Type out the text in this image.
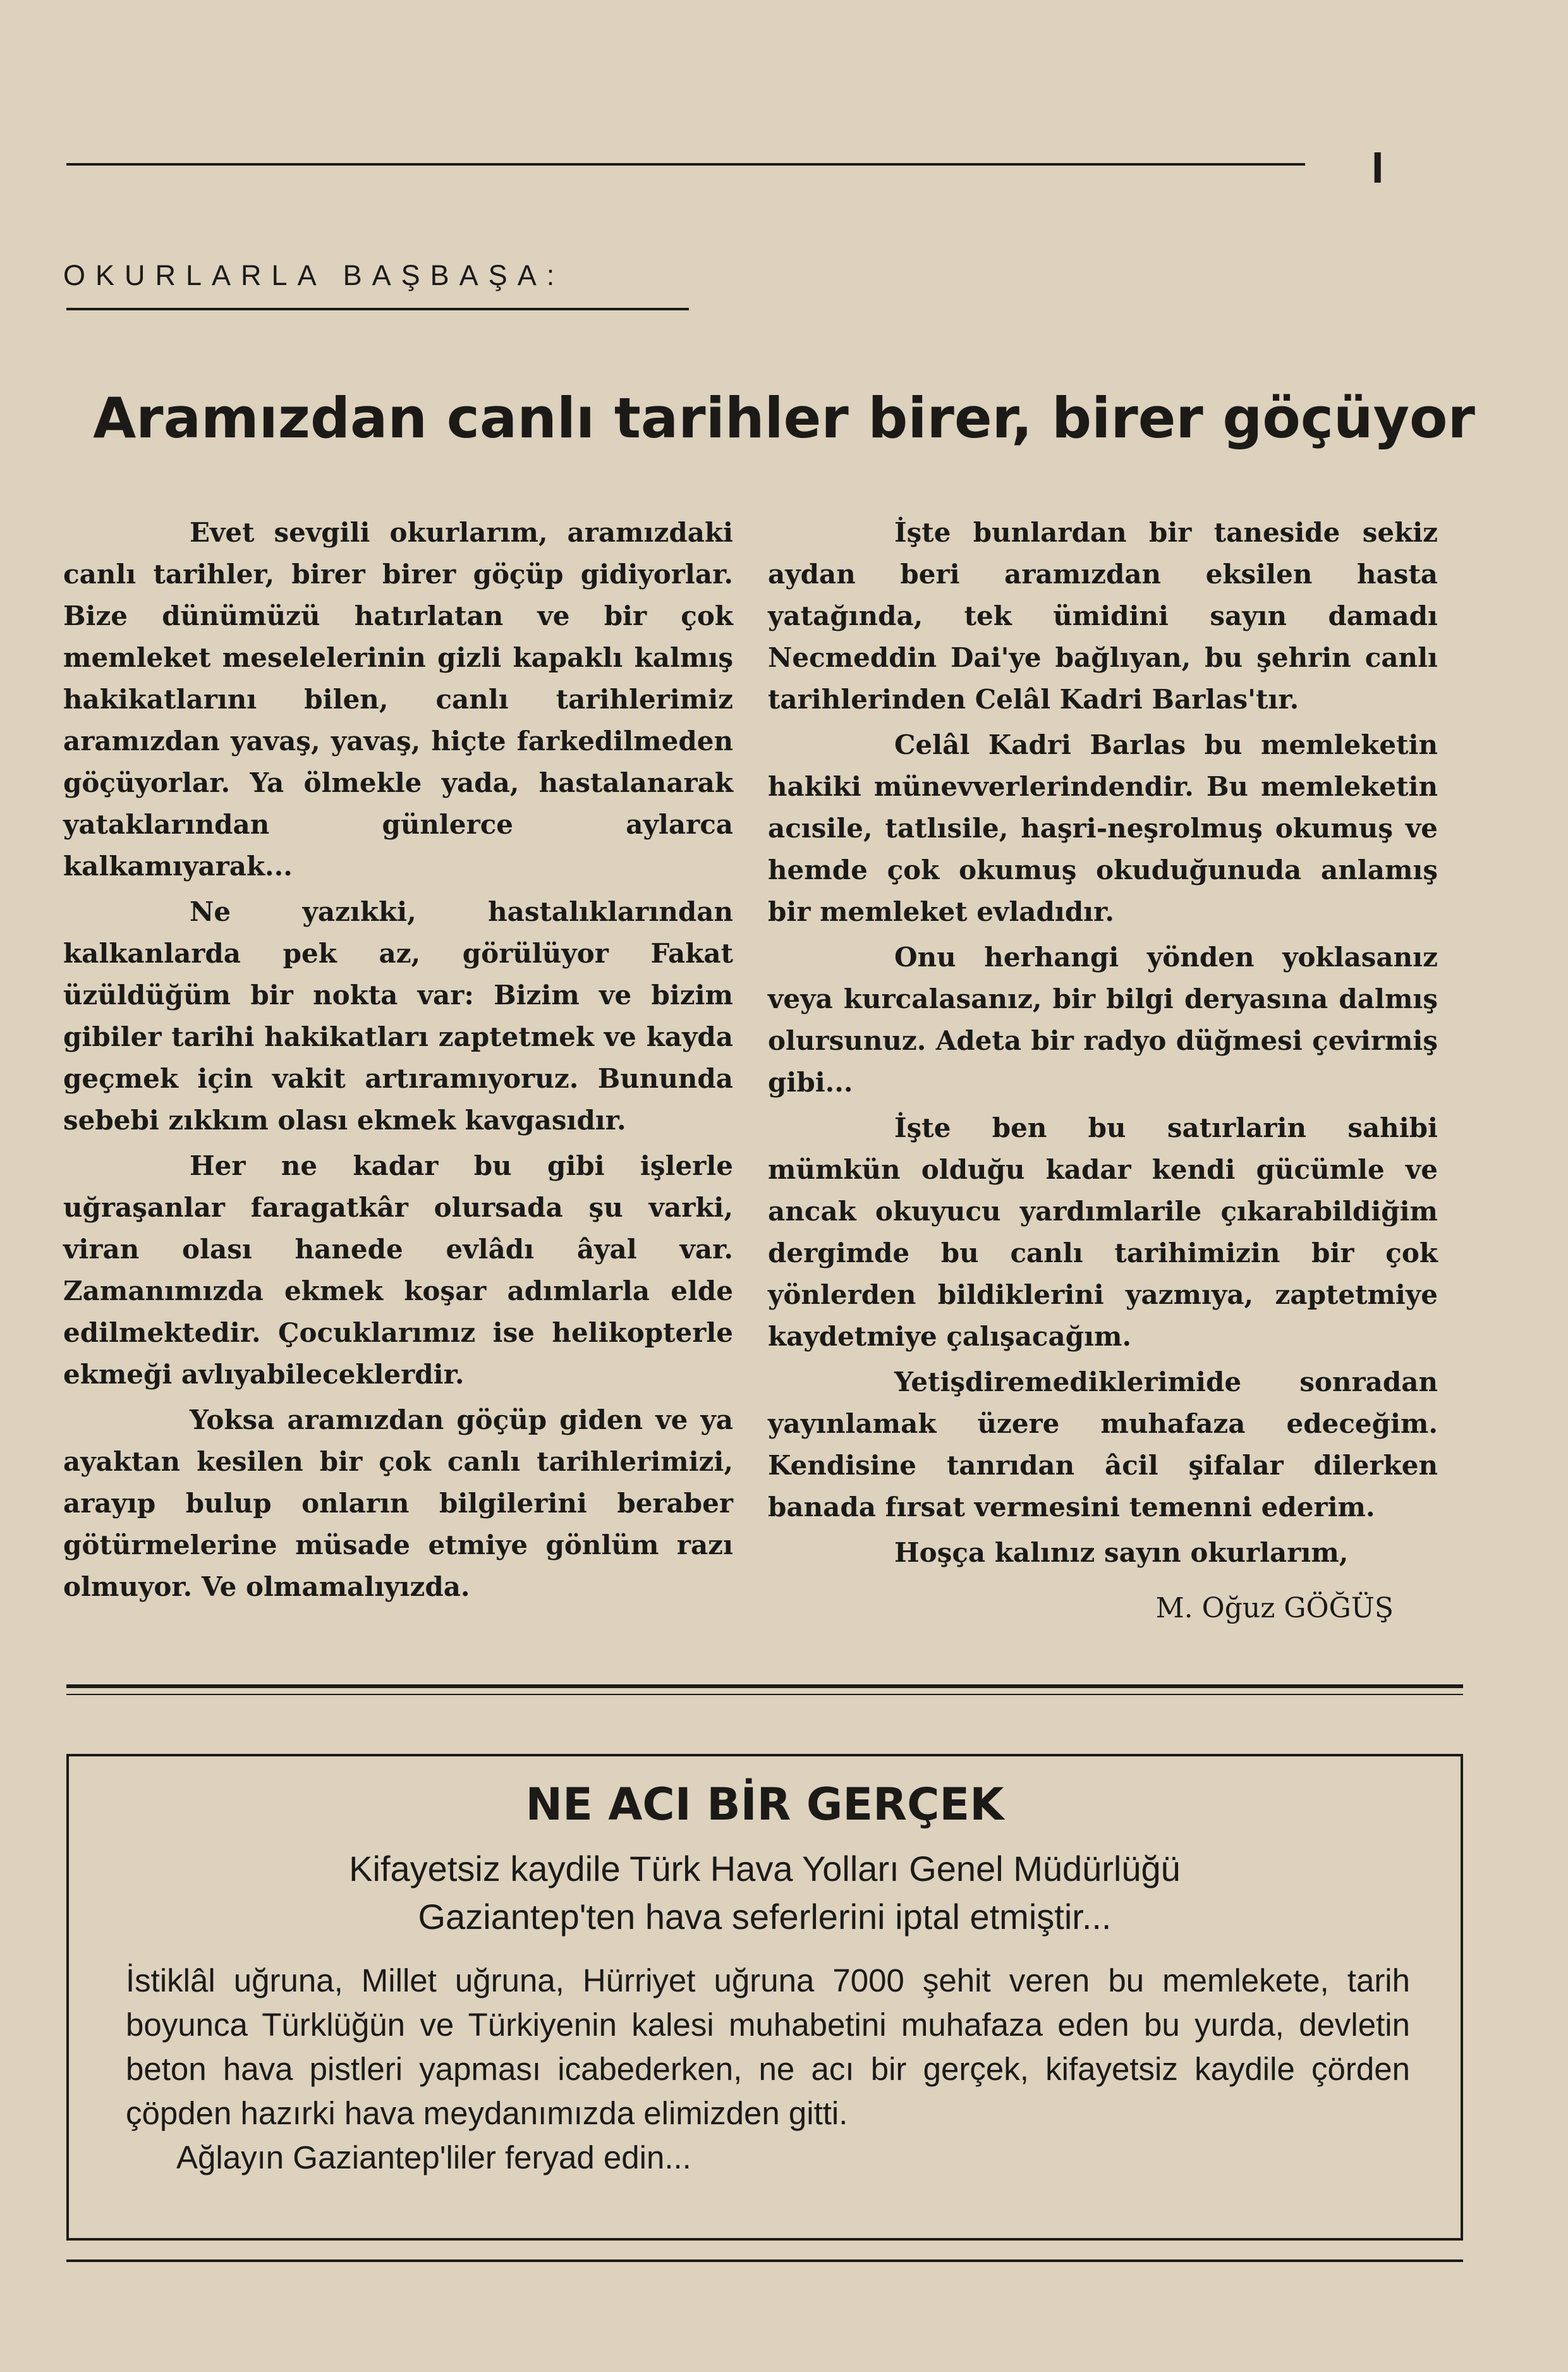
I
OKURLARLA BAŞBAŞA:
Aramızdan canlı tarihler birer, birer göçüyor

Evet sevgili okurlarım, aramızdaki canlı tarihler, birer birer göçüp gidiyorlar. Bize dünümüzü hatırlatan ve bir çok memleket meselelerinin gizli kapaklı kalmış hakikatlarını bilen, canlı tarihlerimiz aramızdan yavaş, yavaş, hiçte farkedilmeden göçüyorlar. Ya ölmekle yada, hastalanarak yataklarından günlerce aylarca kalkamıyarak...

Ne yazıkki, hastalıklarından kalkanlarda pek az, görülüyor Fakat üzüldüğüm bir nokta var: Bizim ve bizim gibiler tarihi hakikatları zaptetmek ve kayda geçmek için vakit artıramıyoruz. Bununda sebebi zıkkım olası ekmek kavgasıdır.

Her ne kadar bu gibi işlerle uğraşanlar faragatkâr olursada şu varki, viran olası hanede evlâdı âyal var. Zamanımızda ekmek koşar adımlarla elde edilmektedir. Çocuklarımız ise helikopterle ekmeği avlıyabileceklerdir.

Yoksa aramızdan göçüp giden ve ya ayaktan kesilen bir çok canlı tarihlerimizi, arayıp bulup onların bilgilerini beraber götürmelerine müsade etmiye gönlüm razı olmuyor. Ve olmamalıyızda.

İşte bunlardan bir taneside sekiz aydan beri aramızdan eksilen hasta yatağında, tek ümidini sayın damadı Necmeddin Dai'ye bağlıyan, bu şehrin canlı tarihlerinden Celâl Kadri Barlas'tır.

Celâl Kadri Barlas bu memleketin hakiki münevverlerindendir. Bu memleketin acısile, tatlısile, haşri-neşrolmuş okumuş ve hemde çok okumuş okuduğunuda anlamış bir memleket evladıdır.

Onu herhangi yönden yoklasanız veya kurcalasanız, bir bilgi deryasına dalmış olursunuz. Adeta bir radyo düğmesi çevirmiş gibi...

İşte ben bu satırlarin sahibi mümkün olduğu kadar kendi gücümle ve ancak okuyucu yardımlarile çıkarabildiğim dergimde bu canlı tarihimizin bir çok yönlerden bildiklerini yazmıya, zaptetmiye kaydetmiye çalışacağım.

Yetişdiremediklerimide sonradan yayınlamak üzere muhafaza edeceğim. Kendisine tanrıdan âcil şifalar dilerken banada fırsat vermesini temenni ederim.

Hoşça kalınız sayın okurlarım,

M. Oğuz GÖĞÜŞ
NE ACI BİR GERÇEK
Kifayetsiz kaydile Türk Hava Yolları Genel Müdürlüğü
Gaziantep'ten hava seferlerini iptal etmiştir...

İstiklâl uğruna, Millet uğruna, Hürriyet uğruna 7000 şehit veren bu memlekete, tarih boyunca Türklüğün ve Türkiyenin kalesi muhabetini muhafaza eden bu yurda, devletin beton hava pistleri yapması icabederken, ne acı bir gerçek, kifayetsiz kaydile çörden çöpden hazırki hava meydanımızda elimizden gitti.

Ağlayın Gaziantep'liler feryad edin...
